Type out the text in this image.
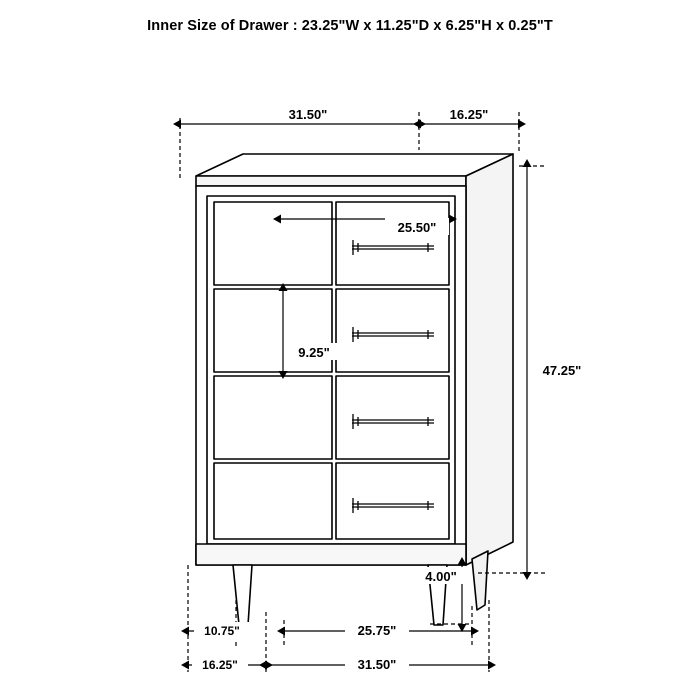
Inner Size of Drawer : 23.25"W x 11.25"D x 6.25"H x 0.25"T
31.50"	16.25"
25.50"
9.25"
47.25"
4.00"
10.75"
16.25"
25.75"
31.50"
